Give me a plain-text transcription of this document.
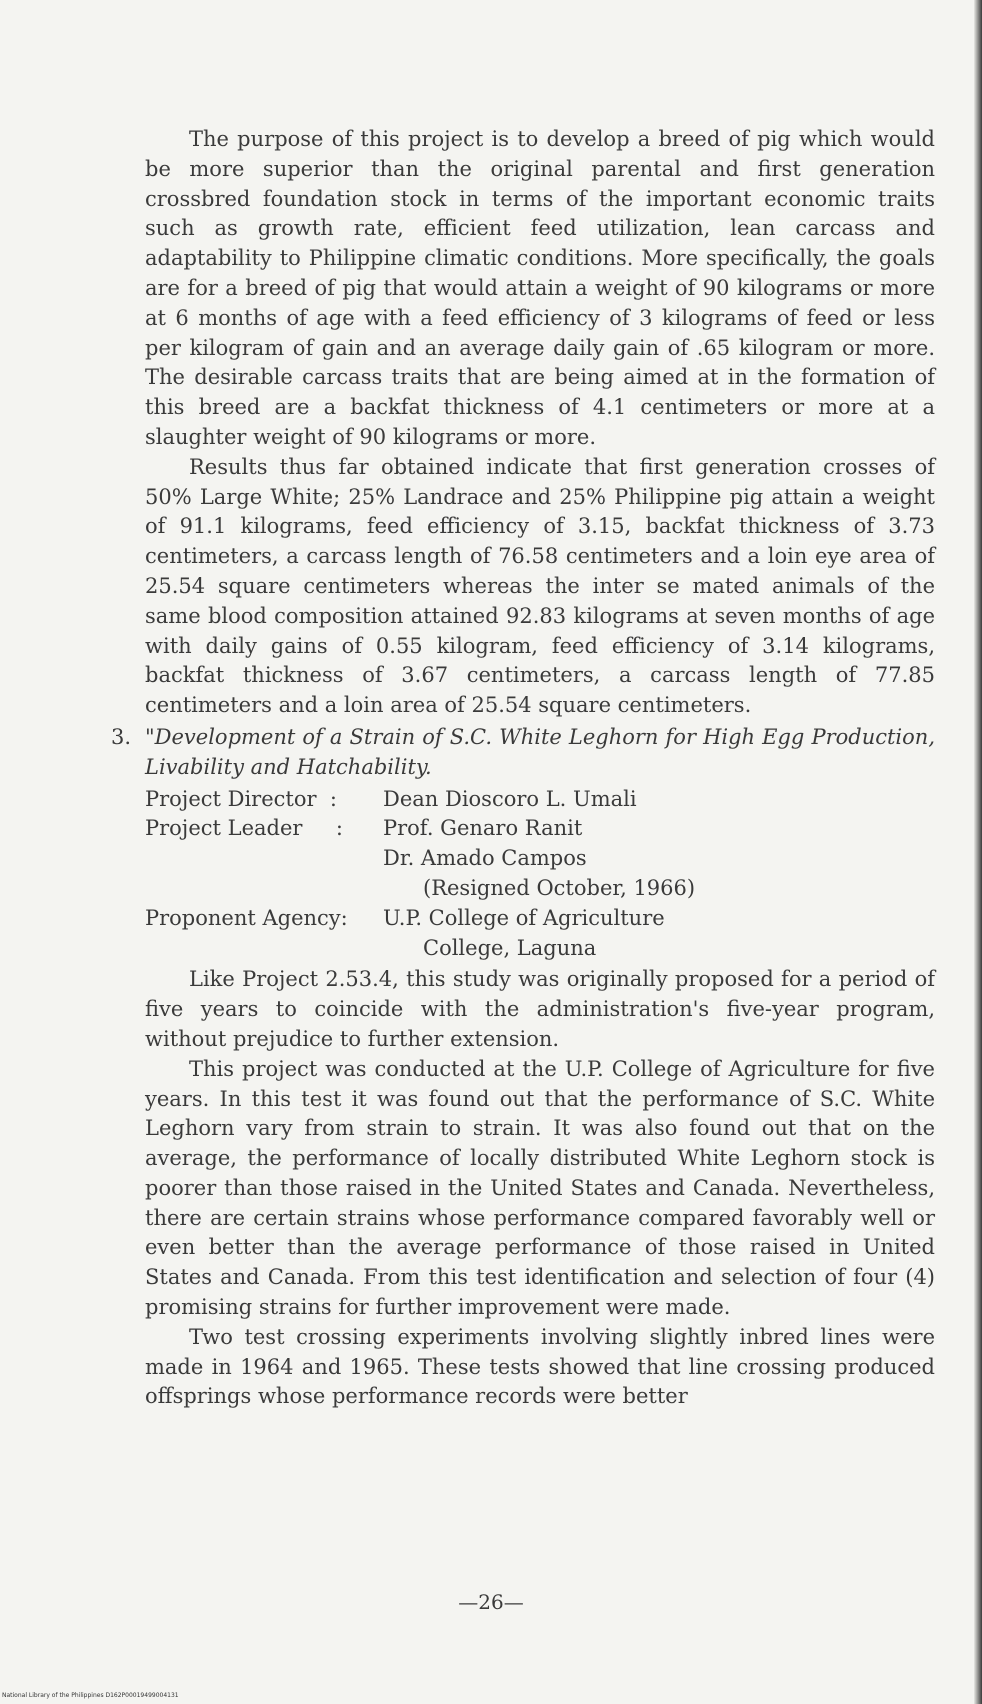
The purpose of this project is to develop a breed of pig which would be more superior than the original parental and first generation crossbred foundation stock in terms of the important economic traits such as growth rate, efficient feed utilization, lean carcass and adaptability to Philippine climatic conditions. More specifically, the goals are for a breed of pig that would attain a weight of 90 kilograms or more at 6 months of age with a feed efficiency of 3 kilograms of feed or less per kilogram of gain and an average daily gain of .65 kilogram or more. The desirable carcass traits that are being aimed at in the formation of this breed are a backfat thickness of 4.1 centimeters or more at a slaughter weight of 90 kilograms or more.

Results thus far obtained indicate that first generation crosses of 50% Large White; 25% Landrace and 25% Philippine pig attain a weight of 91.1 kilograms, feed efficiency of 3.15, backfat thickness of 3.73 centimeters, a carcass length of 76.58 centimeters and a loin eye area of 25.54 square centimeters whereas the inter se mated animals of the same blood composition attained 92.83 kilograms at seven months of age with daily gains of 0.55 kilogram, feed efficiency of 3.14 kilograms, backfat thickness of 3.67 centimeters, a carcass length of 77.85 centimeters and a loin area of 25.54 square centimeters.

3. "Development of a Strain of S.C. White Leghorn for High Egg Production, Livability and Hatchability.

Project Director :	Dean Dioscoro L. Umali
Project Leader :	Prof. Genaro Ranit
Dr. Amado Campos
(Resigned October, 1966)
Proponent Agency:	U.P. College of Agriculture
College, Laguna

Like Project 2.53.4, this study was originally proposed for a period of five years to coincide with the administration's five-year program, without prejudice to further extension.

This project was conducted at the U.P. College of Agriculture for five years. In this test it was found out that the performance of S.C. White Leghorn vary from strain to strain. It was also found out that on the average, the performance of locally distributed White Leghorn stock is poorer than those raised in the United States and Canada. Nevertheless, there are certain strains whose performance compared favorably well or even better than the average performance of those raised in United States and Canada. From this test identification and selection of four (4) promising strains for further improvement were made.

Two test crossing experiments involving slightly inbred lines were made in 1964 and 1965. These tests showed that line crossing produced offsprings whose performance records were better

—26—
National Library of the Philippines D162P00019499004131
